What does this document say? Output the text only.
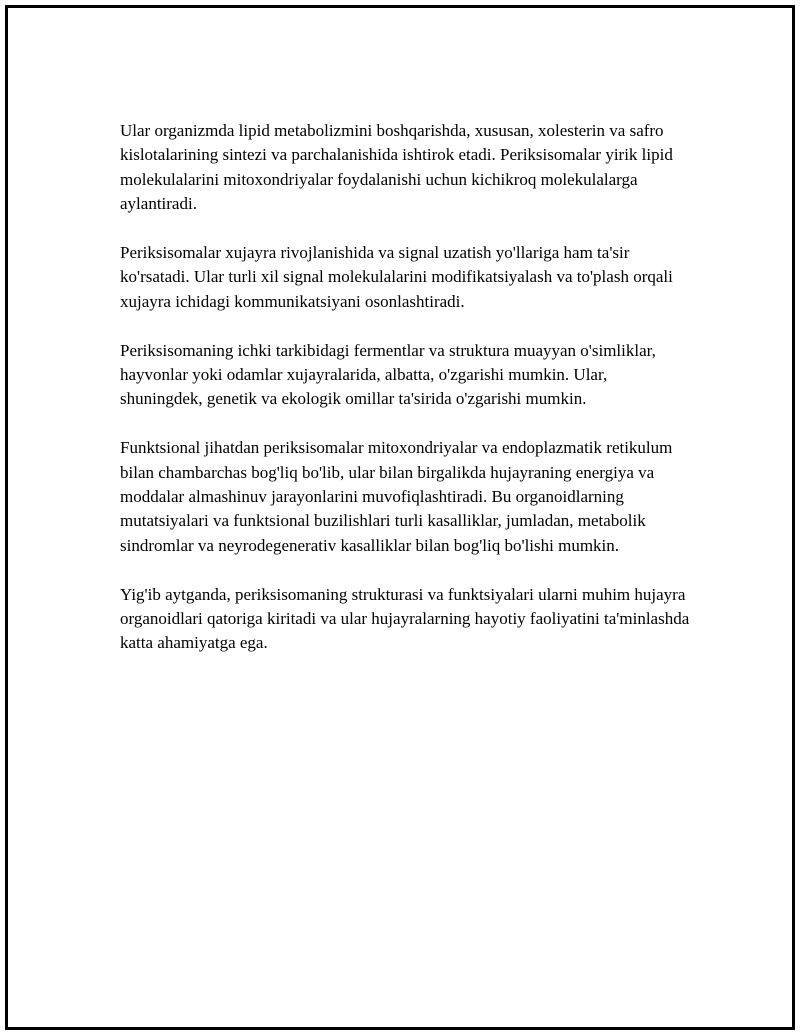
Ular organizmda lipid metabolizmini boshqarishda, xususan, xolesterin va safro kislotalarining sintezi va parchalanishida ishtirok etadi. Periksisomalar yirik lipid molekulalarini mitoxondriyalar foydalanishi uchun kichikroq molekulalarga aylantiradi.

Periksisomalar xujayra rivojlanishida va signal uzatish yo'llariga ham ta'sir ko'rsatadi. Ular turli xil signal molekulalarini modifikatsiyalash va to'plash orqali xujayra ichidagi kommunikatsiyani osonlashtiradi.

Periksisomaning ichki tarkibidagi fermentlar va struktura muayyan o'simliklar, hayvonlar yoki odamlar xujayralarida, albatta, o'zgarishi mumkin. Ular, shuningdek, genetik va ekologik omillar ta'sirida o'zgarishi mumkin.

Funktsional jihatdan periksisomalar mitoxondriyalar va endoplazmatik retikulum bilan chambarchas bog'liq bo'lib, ular bilan birgalikda hujayraning energiya va moddalar almashinuv jarayonlarini muvofiqlashtiradi. Bu organoidlarning mutatsiyalari va funktsional buzilishlari turli kasalliklar, jumladan, metabolik sindromlar va neyrodegenerativ kasalliklar bilan bog'liq bo'lishi mumkin.

Yig'ib aytganda, periksisomaning strukturasi va funktsiyalari ularni muhim hujayra organoidlari qatoriga kiritadi va ular hujayralarning hayotiy faoliyatini ta'minlashda katta ahamiyatga ega.
